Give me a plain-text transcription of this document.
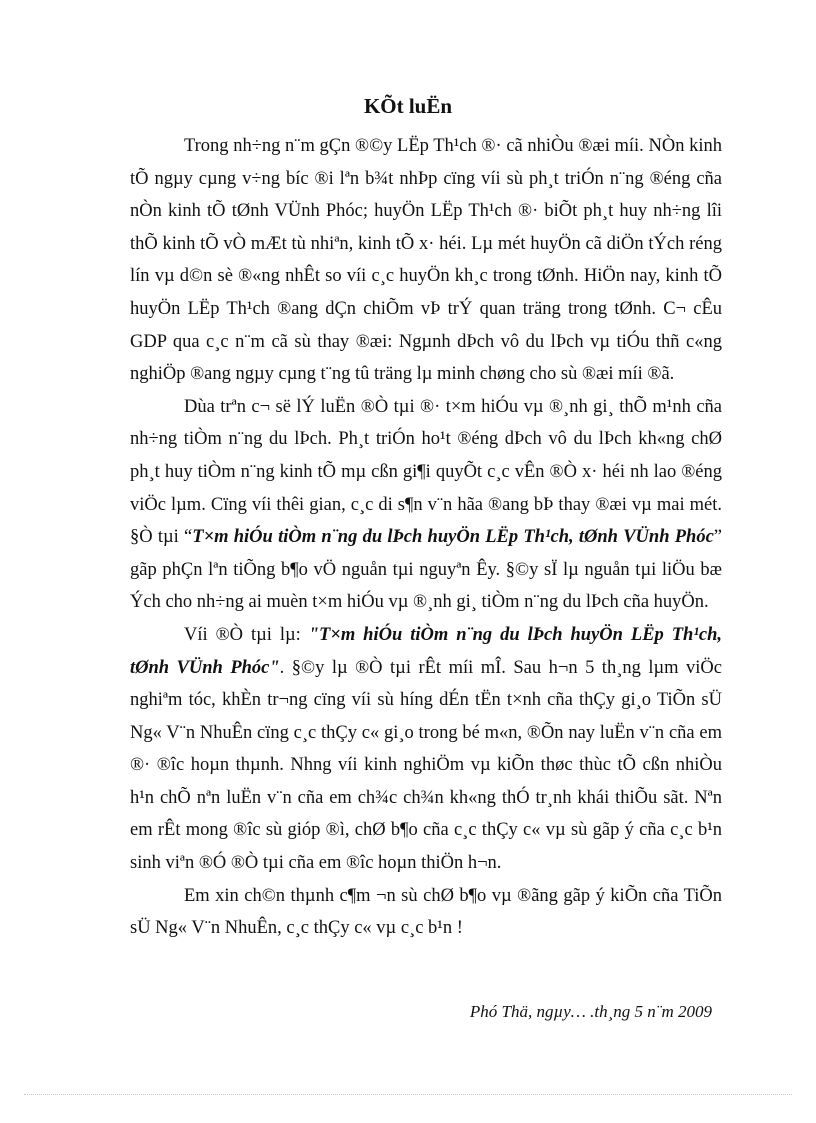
KÕt luËn

Trong nh÷ng n¨m gÇn ®©y LËp Th¹ch ®· cã nhiÒu ®æi míi. NÒn kinh tÕ ngµy cµng v÷ng bíc ®i lªn b¾t nhÞp cïng víi sù ph¸t triÓn n¨ng ®éng cña nÒn kinh tÕ tØnh VÜnh Phóc; huyÖn LËp Th¹ch ®· biÕt ph¸t huy nh÷ng lîi thÕ kinh tÕ vÒ mÆt tù nhiªn, kinh tÕ x· héi. Lµ mét huyÖn cã diÖn tÝch réng lín vµ d©n sè ®«ng nhÊt so víi c¸c huyÖn kh¸c trong tØnh. HiÖn nay, kinh tÕ huyÖn LËp Th¹ch ®ang dÇn chiÕm vÞ trÝ quan träng trong tØnh. C¬ cÊu GDP qua c¸c n¨m cã sù thay ®æi: Ngµnh dÞch vô du lÞch vµ tiÓu thñ c«ng nghiÖp ®ang ngµy cµng t¨ng tû träng lµ minh chøng cho sù ®æi míi ®ã.

Dùa trªn c¬ së lÝ luËn ®Ò tµi ®· t×m hiÓu vµ ®¸nh gi¸ thÕ m¹nh cña nh÷ng tiÒm n¨ng du lÞch. Ph¸t triÓn ho¹t ®éng dÞch vô du lÞch kh«ng chØ ph¸t huy tiÒm n¨ng kinh tÕ mµ cßn gi¶i quyÕt c¸c vÊn ®Ò x· héi nh lao ®éng viÖc lµm. Cïng víi thêi gian, c¸c di s¶n v¨n hãa ®ang bÞ thay ®æi vµ mai mét. §Ò tµi “T×m hiÓu tiÒm n¨ng du lÞch huyÖn LËp Th¹ch, tØnh VÜnh Phóc” gãp phÇn lªn tiÕng b¶o vÖ nguån tµi nguyªn Êy. §©y sÏ lµ nguån tµi liÖu bæ Ých cho nh÷ng ai muèn t×m hiÓu vµ ®¸nh gi¸ tiÒm n¨ng du lÞch cña huyÖn.

Víi ®Ò tµi lµ: "T×m hiÓu tiÒm n¨ng du lÞch huyÖn LËp Th¹ch, tØnh VÜnh Phóc". §©y lµ ®Ò tµi rÊt míi mÎ. Sau h¬n 5 th¸ng lµm viÖc nghiªm tóc, khÈn tr¬ng cïng víi sù híng dÉn tËn t×nh cña thÇy gi¸o TiÕn sÜ Ng« V¨n NhuÊn cïng c¸c thÇy c« gi¸o trong bé m«n, ®Õn nay luËn v¨n cña em ®· ®îc hoµn thµnh. Nhng víi kinh nghiÖm vµ kiÕn thøc thùc tÕ cßn nhiÒu h¹n chÕ nªn luËn v¨n cña em ch¾c ch¾n kh«ng thÓ tr¸nh khái thiÕu sãt. Nªn em rÊt mong ®îc sù gióp ®ì, chØ b¶o cña c¸c thÇy c« vµ sù gãp ý cña c¸c b¹n sinh viªn ®Ó ®Ò tµi cña em ®îc hoµn thiÖn h¬n.

Em xin ch©n thµnh c¶m ¬n sù chØ b¶o vµ ®ãng gãp ý kiÕn cña TiÕn sÜ Ng« V¨n NhuÊn, c¸c thÇy c« vµ c¸c b¹n !

Phó Thä, ngµy… .th¸ng 5 n¨m 2009
